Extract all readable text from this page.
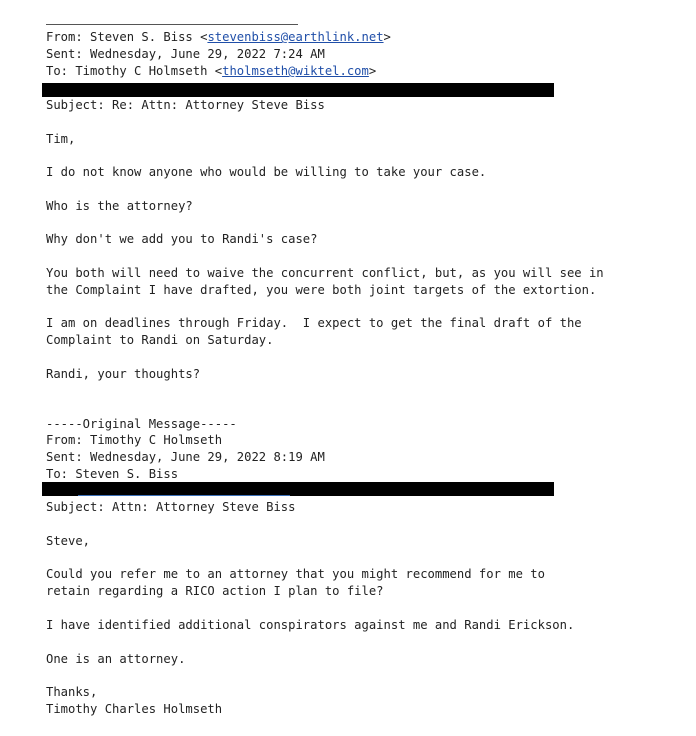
From: Steven S. Biss <stevenbiss@earthlink.net>
Sent: Wednesday, June 29, 2022 7:24 AM
To: Timothy C Holmseth <tholmseth@wiktel.com>
Subject: Re: Attn: Attorney Steve Biss
Tim,
I do not know anyone who would be willing to take your case.
Who is the attorney?
Why don't we add you to Randi's case?
You both will need to waive the concurrent conflict, but, as you will see in
the Complaint I have drafted, you were both joint targets of the extortion.
I am on deadlines through Friday.  I expect to get the final draft of the
Complaint to Randi on Saturday.
Randi, your thoughts?
-----Original Message-----
From: Timothy C Holmseth
Sent: Wednesday, June 29, 2022 8:19 AM
To: Steven S. Biss
Subject: Attn: Attorney Steve Biss
Steve,
Could you refer me to an attorney that you might recommend for me to
retain regarding a RICO action I plan to file?
I have identified additional conspirators against me and Randi Erickson.
One is an attorney.
Thanks,
Timothy Charles Holmseth
